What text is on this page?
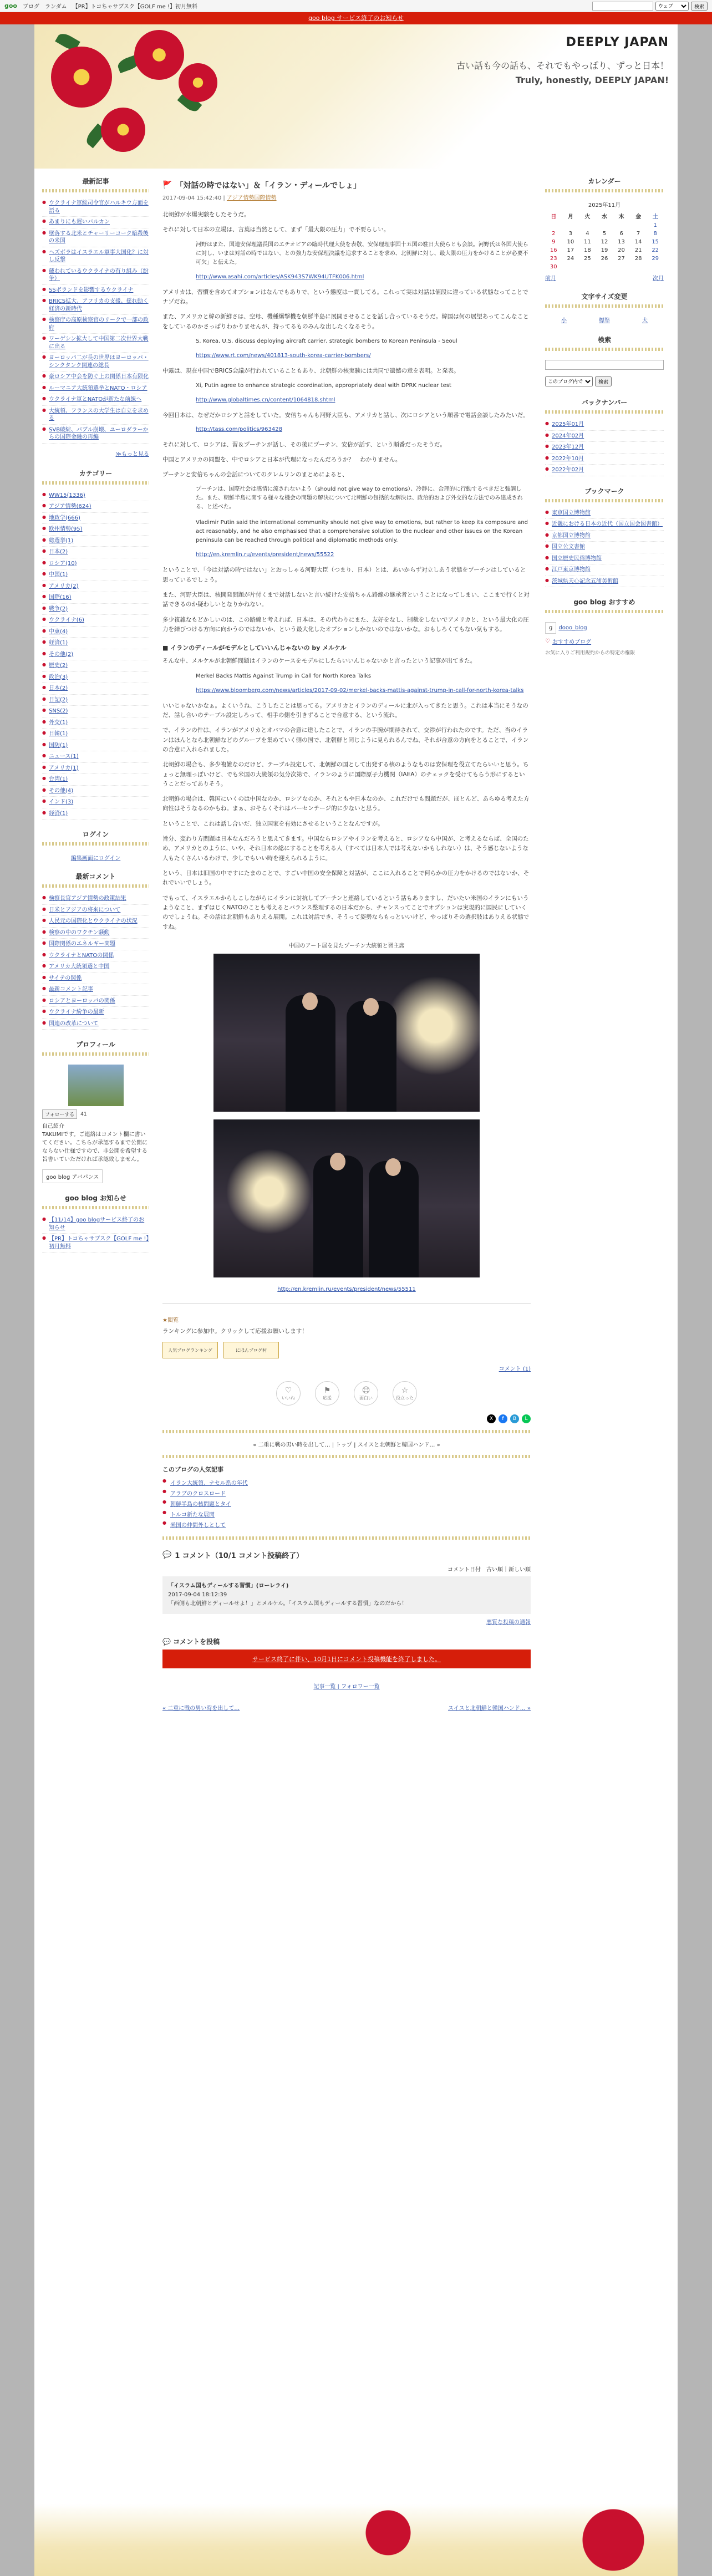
goo ブログ ランダム 【PR】トコちゃサブスク【GOLF me !】初月無料
ウェブ	検索
goo blog サービス終了のお知らせ
DEEPLY JAPAN
古い話も今の話も、それでもやっぱり、ずっと日本！
Truly, honestly, DEEPLY JAPAN!
最新記事
● ウクライナ軍総司令官がハルキウ方面を語る
● あまりにも遅いバルカン
● 墜落する北米とチャーリーコーク暗殺後の米国
● ヘズボラはイスラエル軍事大国化？に対し反撃
● 蔵われているウクライナの有り組み（紛争）
● SSボランドを影響するウクライナ
● BRICS拡大、アフリカの支援、揺れ動く経済の新時代
● 検察庁の高原検察官のリークで一部の政府
● ワーゲシン拡大して中国第二次世界大戦に出る
● ヨーロッパ二が長の世界はヨーロッパ・シンクタンク関連の総長
● 豪ロシア中会を防ぐ上の関係日本有限化
● ルーマニア大統領選挙とNATO・ロシア
● ウクライナ軍とNATOが新たな前線へ
● 大統領、フランスの大学生は自立を求める
● SVB破綻、バブル崩壊、ユーロダラーからの国際金融の再編
≫もっと見る
カテゴリー
● WW15(1336)
● アジア情勢(624)
● 地政学(666)
● 欧州情勢(95)
● 総選挙(1)
● 日本(2)
● ロシア(10)
● 中国(1)
● アメリカ(2)
● 国際(16)
● 戦争(2)
● ウクライナ(6)
● 中東(4)
● 経済(1)
● その他(2)
● 歴史(2)
● 政治(3)
● 日本(2)
● 日記(2)
● SNS(2)
● 外交(1)
● 日韓(1)
● 国防(1)
● ニュース(1)
● アメリカ(1)
● 台湾(1)
● その他(4)
● インド(3)
● 経済(1)
ログイン
編集画面にログイン
最新コメント
● 検察長官アジア情勢の政策結果
● 日米とアジアの将来について
● 人民元の国際化とウクライナの状況
● 検察の中のワクチン騒動
● 国際関係のエネルギー問題
● ウクライナとNATOの関係
● アメリカ大統領選と中国
● サイテの関係
● 最新コメント記事
● ロシアとヨーロッパの関係
● ウクライナ紛争の最新
● 国連の改革について
プロフィール
フォローする	41
自己紹介
TAKUMIです。ご連絡はコメント欄に書いてください。こちらが承認するまで公開にならない仕様ですので、非公開を希望する旨書いていただければ承認致しません。
goo blog アバパンス
goo blog お知らせ
● 【11/14】goo blogサービス終了のお知らせ
● 【PR】トコちゃサブスク【GOLF me !】初月無料
🚩 「対話の時ではない」＆「イラン・ディールでしょ」
2017-09-04 15:42:40 | アジア情勢国際情勢
北朝鮮が水爆実験をしたそうだ。
それに対して日本の立場は、言葉は当然として、まず「最大限の圧力」で不要らしい。
河野はまた、国連安保理議長国のエチオピアの臨時代理大使を表敬、安保理理事国十五国の駐日大使らとも会談。河野氏は各国大使らに対し、いまは対話の時ではない、との強力な安保理決議を追求することを求め、北朝鮮に対し、最大限の圧力をかけることが必要不可欠」と伝えた。
http://www.asahi.com/articles/ASK943S7WK94UTFK006.html
アメリカは、習慣を含めてオプションはなんでもありで、という態度は一貫してる。これって実は対話は値段に違っている状態なってことでナゾだね。
また、アメリカと韓の新鮮さは、空母、機種爆撃機を朝鮮半島に展開させることを話し合っているそうだ。韓国は何の展望あってこんなことをしているのかさっぱりわかりませんが、持ってるものみんな出したくなるそう。
S. Korea, U.S. discuss deploying aircraft carrier, strategic bombers to Korean Peninsula - Seoul
https://www.rt.com/news/401813-south-korea-carrier-bombers/
中露は、現在中国でBRICS会議が行われていることもあり、北朝鮮の核実験には共同で遺憾の意を表明。と発表。
Xi, Putin agree to enhance strategic coordination, appropriately deal with DPRK nuclear test
http://www.globaltimes.cn/content/1064818.shtml
今回日本は、なぜだかロシアと話をしていた。安倍ちゃんも河野大臣も、アメリカと話し、次にロシアという順番で電話会談したみたいだ。
http://tass.com/politics/963428
それに対して、ロシアは、習＆プーチンが話し、その後にプーチン、安倍が話す、という順番だったそうだ。
中国とアメリカの同盟を、中でロシアと日本が代理になったんだろうか？　わかりません。
プーチンと安倍ちゃんの会話についてのクレムリンのまとめによると、
プーチンは、国際社会は感情に流されないよう（should not give way to emotions）、冷静に、合理的に行動するべきだと強調した。また、朝鮮半島に関する様々な機会の問題の解決について北朝鮮の包括的な解決は、政治的および外交的な方法でのみ達成される、と述べた。
Vladimir Putin said the international community should not give way to emotions, but rather to keep its composure and act reasonably, and he also emphasised that a comprehensive solution to the nuclear and other issues on the Korean peninsula can be reached through political and diplomatic methods only.
http://en.kremlin.ru/events/president/news/55522
ということで、「今は対話の時ではない」とおっしゃる河野大臣（つまり、日本）とは、あいからず対立しあう状態をプーチンはしていると思っているでしょう。
また、河野大臣は、核開発問題が片付くまで対話しないと言い続けた安倍ちゃん路線の継承者ということになってしまい、ここまで行くと対話できるのか疑わしいとなりかねない。
多少複雑なもどかしいのは、この路線と考えれば、日本は、その代わりにまた、友好をなし、制裁をしないでアメリカと、という最大化の圧力を結びつける方向に向かうのではないか、という最大化したオプションしかないのではないかな。おもしろくてもない気もする。
■ イランのディールがモデルとしていいんじゃないの by メルケル
そんな中、メルケルが北朝鮮問題はイランのケースをモデルにしたらいいんじゃないかと言ったという記事が出てきた。
Merkel Backs Mattis Against Trump in Call for North Korea Talks
https://www.bloomberg.com/news/articles/2017-09-02/merkel-backs-mattis-against-trump-in-call-for-north-korea-talks
いいじゃないかなぁ。よくいうね、こうしたことは思ってる。アメリカとイランのディールに北が入ってきたと思う。これは本当にそうなのだ、話し合いのテーブル設定しろって、相手の側を引きずることで合意する、という流れ。
で、イランの件は、イランがアメリカとオバマの合意に達したことで、イランの手腕が期待されて、交渉が行われたのです。ただ、当のイランはほんとなら北朝鮮などのグループを集めていく側の国で、北朝鮮と同じように見られるんでね、それが合意の方向をとることで、イランの合意に入れられました。
北朝鮮の場合も、多少複雑なのだけど、テーブル設定して、北朝鮮の国として出発する核のようなものは安保理を役立てたらいいと思う。ちょっと無理っぽいけど、でも米国の大統領の気分次第で、イランのように国際原子力機関（IAEA）のチェックを受けてもらう形にするということだってありそう。
北朝鮮の場合は、韓国にいくのは中国なのか、ロシアなのか、それともや日本なのか、これだけでも問題だが、ほとんど、あらゆる考えた方向性はそうなるのかもね。まぁ、おそらくそれはパーセンテージ的に少ないと思う。
ということで、これは話し合いだ、独立国家を有効にさせるということなんですが。
旨分、変わり方問題は日本なんだろうと思えてきます。中国ならロシアやイランを考えると、ロシアなら中国が、と考えるならば、全国のため、アメリカとのように、いや、それ日本の総にすることを考える人（すべては日本人では考えないかもしれない）は、そう感じないような人もたくさんいるわけで、少しでもいい時を迎えられるように。
という、日本は旧国の中ですにたまのことで、すごい中国の安全保障と対話が、ここに入れることで何らかの圧力をかけるのではないか、それでいいでしょう。
でもって、イスラエルからしこしながらにイランに対抗してプーチンと連絡しているという話もありますし、だいたい米国のイランにもいうようなこと、まずはじくNATOのことも考えるとバランス整理するの日本だから、チャンスってことでオプションは実現的に国民にしていくのでしょうね。その話は北朝鮮もありえる展開。これは対話でき、そうって姿勢ならもっといいけど、やっぱりその選択肢はありえる状態ですね。
中国のアート展を見たプーチン大統領と習主席
http://en.kremlin.ru/events/president/news/55511
★閲覧
ランキングに参加中。クリックして応援お願いします！
人気ブログランキング	にほんブログ村
コメント (1)
♡
いいね
⚑
応援
☺
面白い
☆
役立った
X	f	B	L
« 二重に戦の男い時を出して… | トップ | スイスと北朝鮮と韓国ハンド… »
このブログの人気記事
● イラン大統領、ナセル系の年代
● アラブのクロスロード
● 朝鮮半島の核問題とタイ
● トルコ新たな展開
● 米国の仲間外しとして
💬 1 コメント（10/1 コメント投稿終了）
コメント日付　古い順｜新しい順
「イスラム国もディールする習慣」(ローレライ)
2017-09-04 18:12:39
「西側も北朝鮮とディールせよ！」とメルケル。「イスラム国もディールする習慣」なのだから！
悪質な投稿の通報
💬 コメントを投稿
サービス終了に伴い、10月1日にコメント投稿機能を終了しました。
記事一覧 | フォロワー一覧
« 二重に戦の男い時を出して…	スイスと北朝鮮と韓国ハンド… »
カレンダー
2025年11月
日	月	火	水	木	金	土
						1
2	3	4	5	6	7	8
9	10	11	12	13	14	15
16	17	18	19	20	21	22
23	24	25	26	27	28	29
30						
前月	次月
文字サイズ変更
小	標準	大
検索
このブログ内で
検索
バックナンバー
● 2025年01月
● 2024年02月
● 2023年12月
● 2022年10月
● 2022年02月
ブックマーク
● 東京国立博物館
● 近畿における日本の近代（国立国会図書館）
● 京都国立博物館
● 国立公文書館
● 国立歴史民俗博物館
● 江戸東京博物館
● 茨城県天心記念五浦美術館
goo blog おすすめ
g	dooo_blog
♡ おすすめブログ
お気に入りご利用規約からの特定の権限
